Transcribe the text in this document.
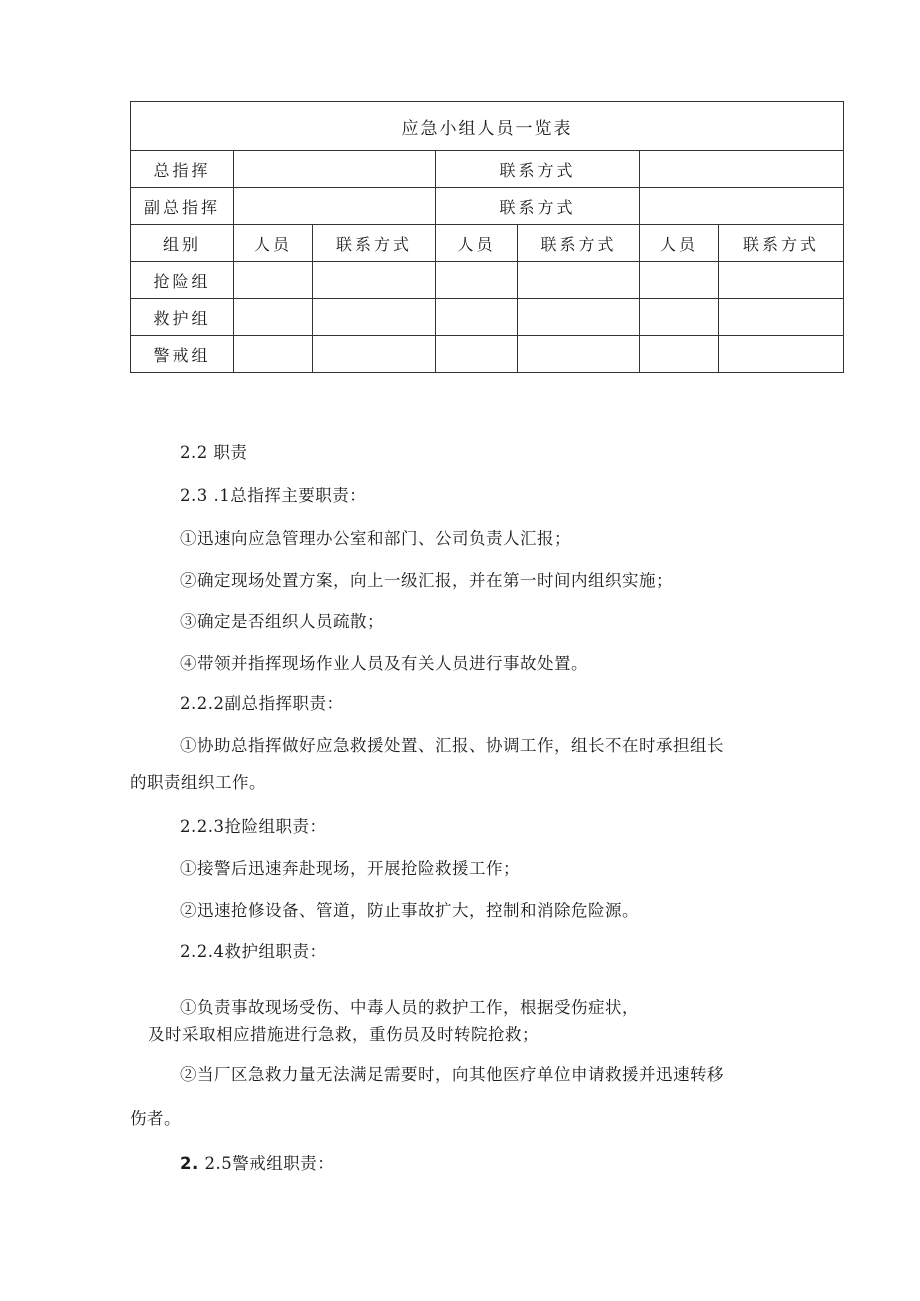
应急小组人员一览表						
总指挥			联系方式			
副总指挥			联系方式			
组别	人员	联系方式	人员	联系方式	人员	联系方式
抢险组						
救护组						
警戒组						
2.2 职责
2.3 .1总指挥主要职责：
①迅速向应急管理办公室和部门、公司负责人汇报；
②确定现场处置方案，向上一级汇报，并在第一时间内组织实施；
③确定是否组织人员疏散；
④带领并指挥现场作业人员及有关人员进行事故处置。
2.2.2副总指挥职责：
①协助总指挥做好应急救援处置、汇报、协调工作，组长不在时承担组长
的职责组织工作。
2.2.3抢险组职责：
①接警后迅速奔赴现场，开展抢险救援工作；
②迅速抢修设备、管道，防止事故扩大，控制和消除危险源。
2.2.4救护组职责：
①负责事故现场受伤、中毒人员的救护工作，根据受伤症状，
及时采取相应措施进行急救，重伤员及时转院抢救；
②当厂区急救力量无法满足需要时，向其他医疗单位申请救援并迅速转移
伤者。
2. 2.5警戒组职责：
